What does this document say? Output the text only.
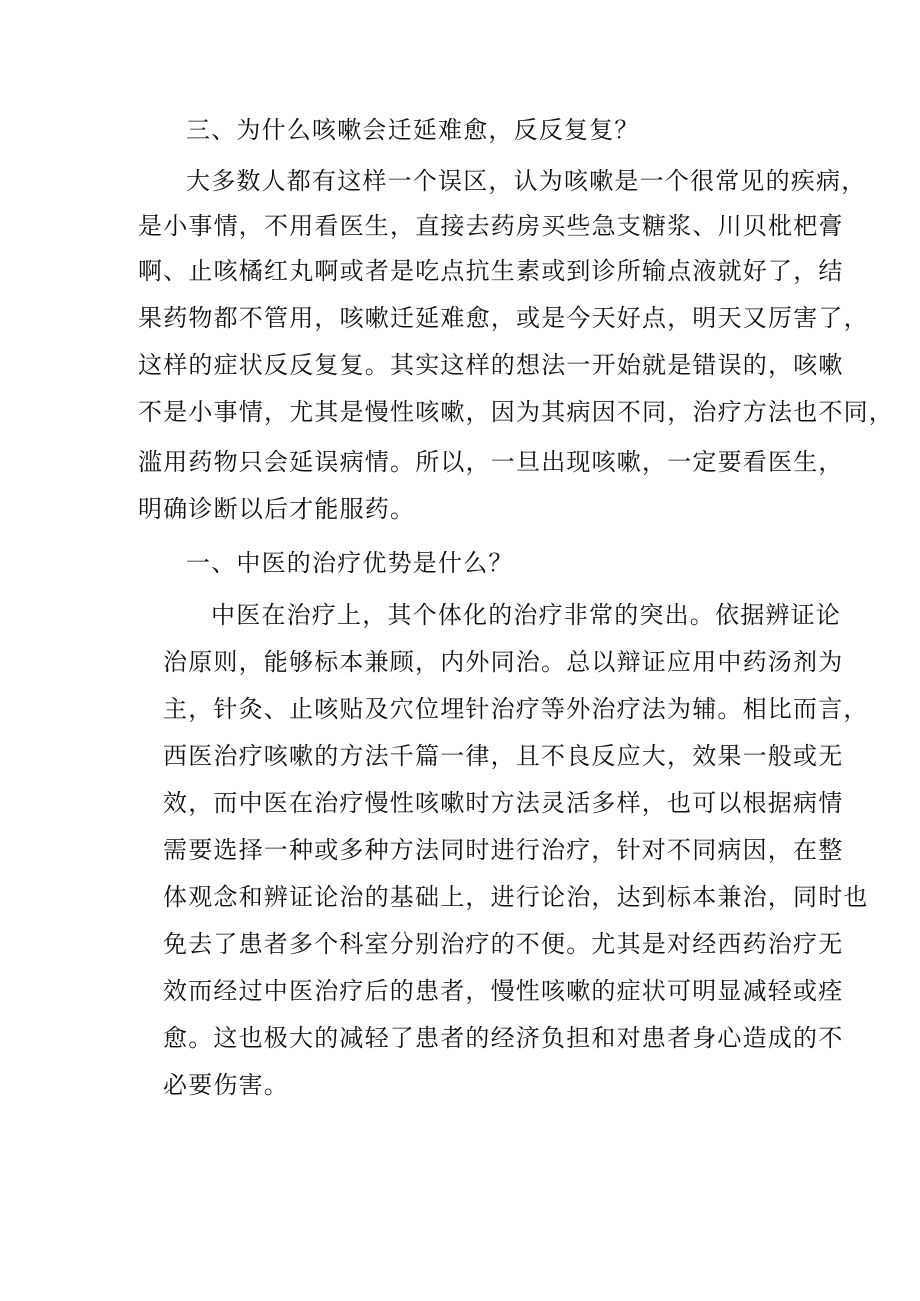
三、为什么咳嗽会迁延难愈，反反复复？
大多数人都有这样一个误区，认为咳嗽是一个很常见的疾病，
是小事情，不用看医生，直接去药房买些急支糖浆、川贝枇杷膏
啊、止咳橘红丸啊或者是吃点抗生素或到诊所输点液就好了，结
果药物都不管用，咳嗽迁延难愈，或是今天好点，明天又厉害了，
这样的症状反反复复。其实这样的想法一开始就是错误的，咳嗽
不是小事情，尤其是慢性咳嗽，因为其病因不同，治疗方法也不同，
滥用药物只会延误病情。所以，一旦出现咳嗽，一定要看医生，
明确诊断以后才能服药。
一、中医的治疗优势是什么？
中医在治疗上，其个体化的治疗非常的突出。依据辨证论
治原则，能够标本兼顾，内外同治。总以辩证应用中药汤剂为
主，针灸、止咳贴及穴位埋针治疗等外治疗法为辅。相比而言，
西医治疗咳嗽的方法千篇一律，且不良反应大，效果一般或无
效，而中医在治疗慢性咳嗽时方法灵活多样，也可以根据病情
需要选择一种或多种方法同时进行治疗，针对不同病因，在整
体观念和辨证论治的基础上，进行论治，达到标本兼治，同时也
免去了患者多个科室分别治疗的不便。尤其是对经西药治疗无
效而经过中医治疗后的患者，慢性咳嗽的症状可明显减轻或痊
愈。这也极大的减轻了患者的经济负担和对患者身心造成的不
必要伤害。
